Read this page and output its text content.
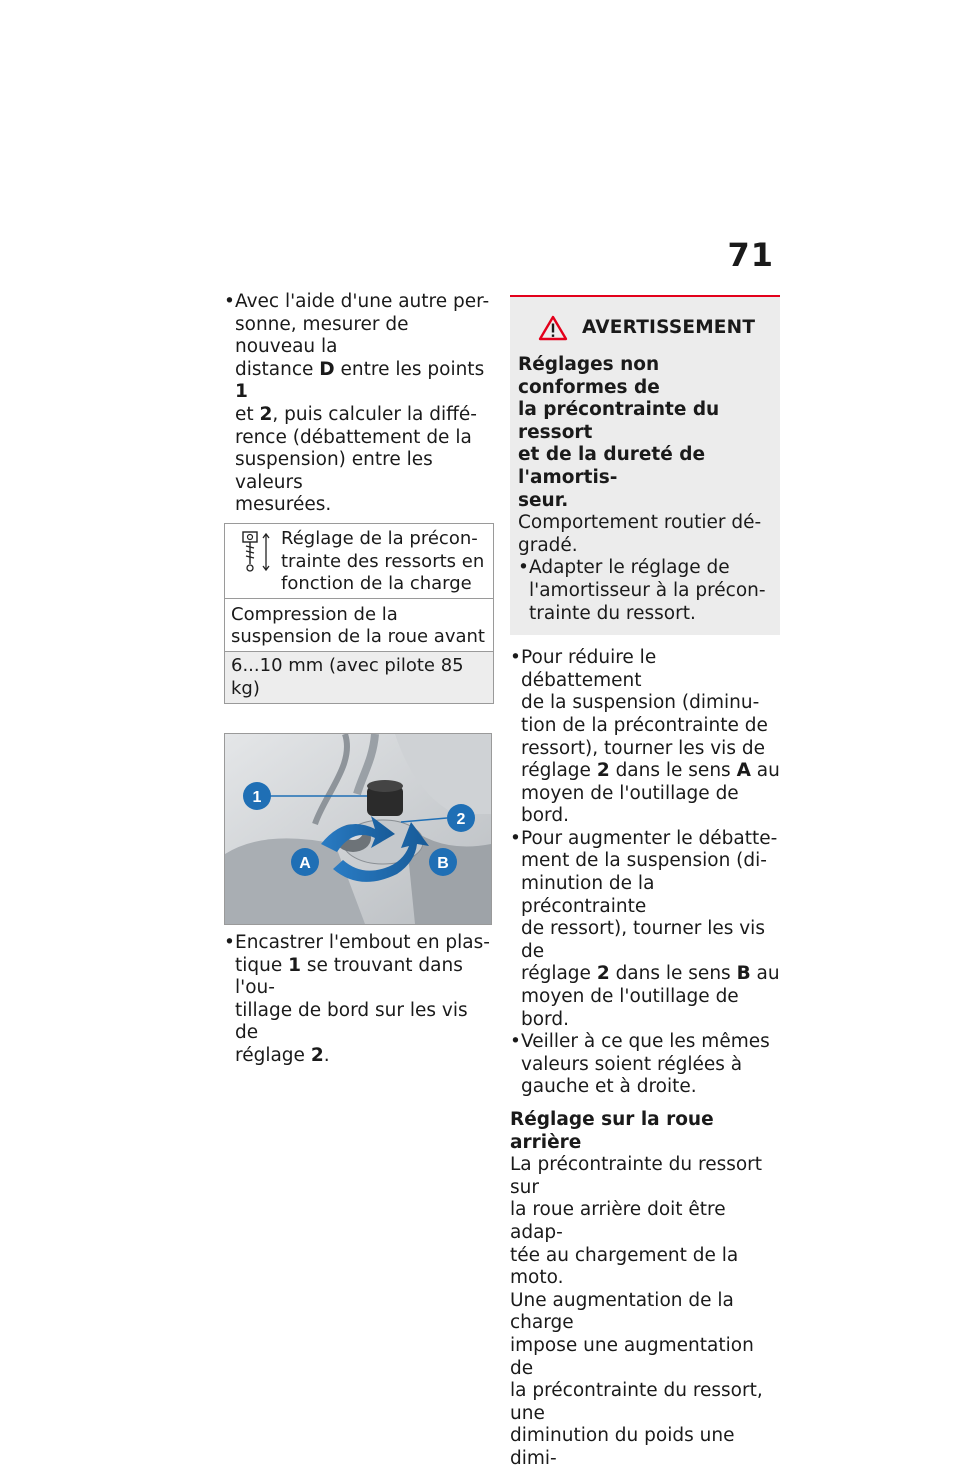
71
• Avec l'aide d'une autre per-
sonne, mesurer de nouveau la
distance D entre les points 1
et 2, puis calculer la diffé-
rence (débattement de la
suspension) entre les valeurs
mesurées.
Réglage de la précon-
trainte des ressorts en
fonction de la charge
Compression de la
suspension de la roue avant
6...10 mm (avec pilote 85 kg)
1
2
A	B
• Encastrer l'embout en plas-
tique 1 se trouvant dans l'ou-
tillage de bord sur les vis de
réglage 2.
AVERTISSEMENT
Réglages non conformes de
la précontrainte du ressort
et de la dureté de l'amortis-
seur.
Comportement routier dé-
gradé.
• Adapter le réglage de
l'amortisseur à la précon-
trainte du ressort.
• Pour réduire le débattement
de la suspension (diminu-
tion de la précontrainte de
ressort), tourner les vis de
réglage 2 dans le sens A au
moyen de l'outillage de bord.
• Pour augmenter le débatte-
ment de la suspension (di-
minution de la précontrainte
de ressort), tourner les vis de
réglage 2 dans le sens B au
moyen de l'outillage de bord.
• Veiller à ce que les mêmes
valeurs soient réglées à
gauche et à droite.
Réglage sur la roue arrière
La précontrainte du ressort sur
la roue arrière doit être adap-
tée au chargement de la moto.
Une augmentation de la charge
impose une augmentation de
la précontrainte du ressort, une
diminution du poids une dimi-
